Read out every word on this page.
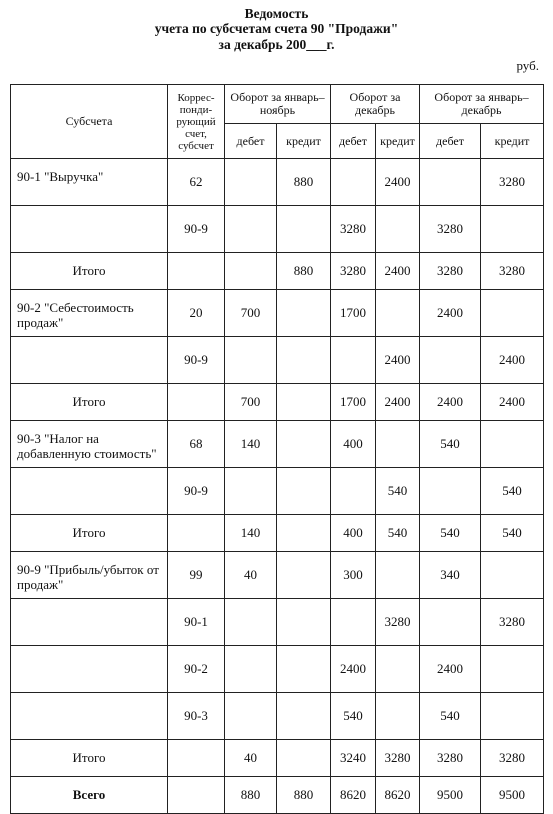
Ведомость
учета по субсчетам счета 90 "Продажи"
за декабрь 200___г.
руб.
Субсчета	Коррес-понди-рующий счет, субсчет	Оборот за январь–ноябрь		Оборот за декабрь		Оборот за январь–декабрь	
		дебет	кредит	дебет	кредит	дебет	кредит
90-1 "Выручка"	62		880		2400		3280
	90-9			3280		3280	
Итого			880	3280	2400	3280	3280
90-2 "Себестоимость продаж"	20	700		1700		2400	
	90-9				2400		2400
Итого		700		1700	2400	2400	2400
90-3 "Налог на добавленную стоимость"	68	140		400		540	
	90-9				540		540
Итого		140		400	540	540	540
90-9 "Прибыль/убыток от продаж"	99	40		300		340	
	90-1				3280		3280
	90-2			2400		2400	
	90-3			540		540	
Итого		40		3240	3280	3280	3280
Всего		880	880	8620	8620	9500	9500
